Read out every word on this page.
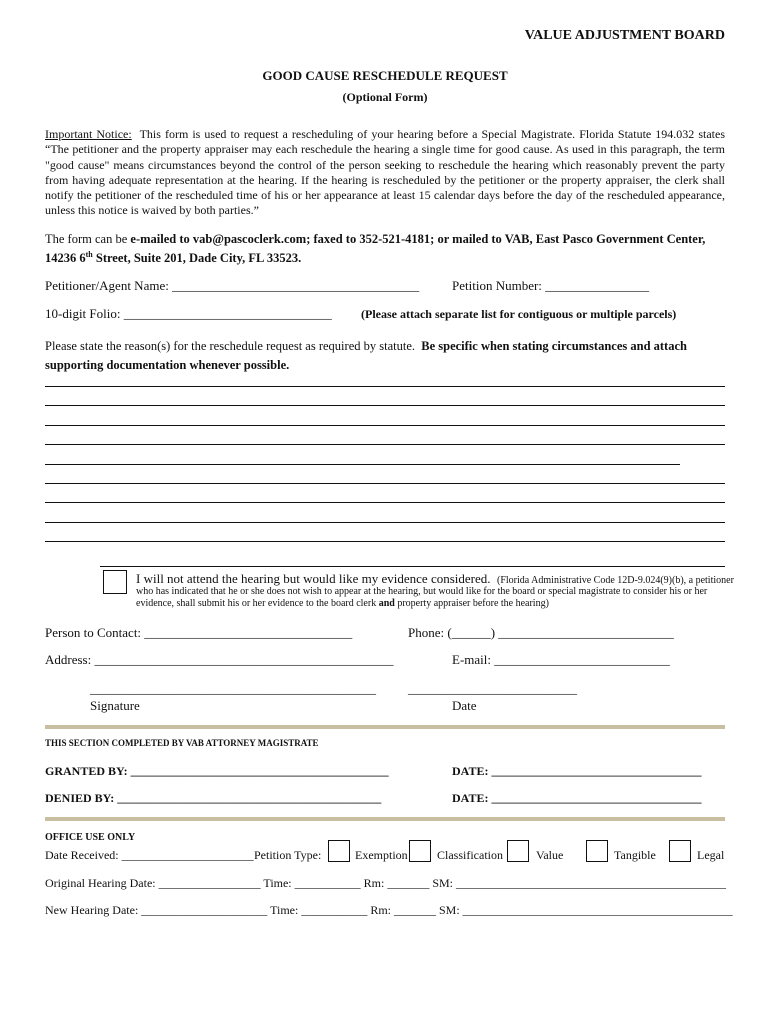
VALUE ADJUSTMENT BOARD
GOOD CAUSE RESCHEDULE REQUEST
(Optional Form)
Important Notice: This form is used to request a rescheduling of your hearing before a Special Magistrate. Florida Statute 194.032 states “The petitioner and the property appraiser may each reschedule the hearing a single time for good cause. As used in this paragraph, the term "good cause" means circumstances beyond the control of the person seeking to reschedule the hearing which reasonably prevent the party from having adequate representation at the hearing. If the hearing is rescheduled by the petitioner or the property appraiser, the clerk shall notify the petitioner of the rescheduled time of his or her appearance at least 15 calendar days before the day of the rescheduled appearance, unless this notice is waived by both parties.”
The form can be e-mailed to vab@pascoclerk.com; faxed to 352-521-4181; or mailed to VAB, East Pasco Government Center,
14236 6th Street, Suite 201, Dade City, FL 33523.
Petitioner/Agent Name: ______________________________________	Petition Number: ________________
10-digit Folio: ________________________________ (Please attach separate list for contiguous or multiple parcels)
Please state the reason(s) for the reschedule request as required by statute. Be specific when stating circumstances and attach
supporting documentation whenever possible.
I will not attend the hearing but would like my evidence considered. (Florida Administrative Code 12D-9.024(9)(b), a petitioner
who has indicated that he or she does not wish to appear at the hearing, but would like for the board or special magistrate to consider his or her
evidence, shall submit his or her evidence to the board clerk and property appraiser before the hearing)
Person to Contact: ________________________________	Phone: (______) ___________________________
Address: ______________________________________________	E-mail: ___________________________
____________________________________________ __________________________
Signature	Date
THIS SECTION COMPLETED BY VAB ATTORNEY MAGISTRATE
GRANTED BY: ___________________________________________	DATE: ___________________________________
DENIED BY: ____________________________________________	DATE: ___________________________________
OFFICE USE ONLY
Date Received: ______________________ Petition Type:	Exemption Classification	Value	Tangible	Legal
Original Hearing Date: _________________ Time: ___________ Rm: _______ SM: _____________________________________________
New Hearing Date: _____________________ Time: ___________ Rm: _______ SM: _____________________________________________
